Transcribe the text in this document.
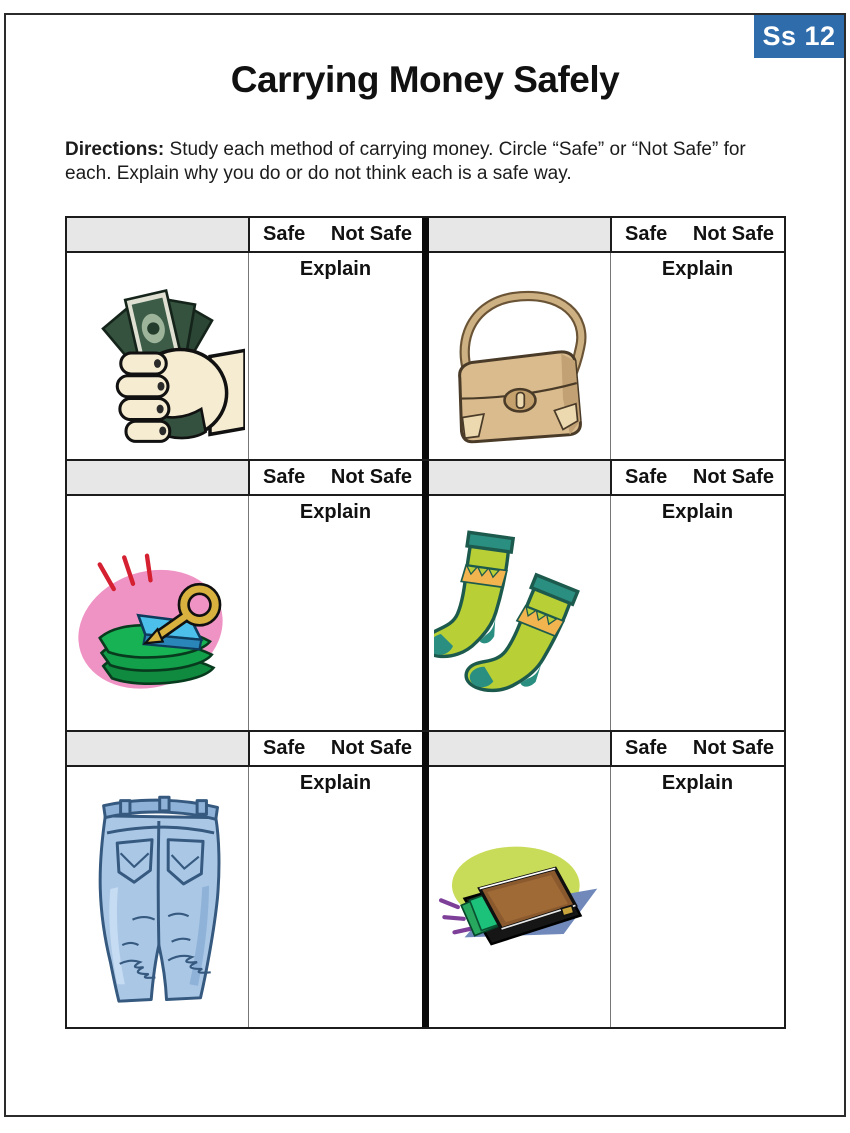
Ss 12
Carrying Money Safely

Directions: Study each method of carrying money. Circle “Safe” or “Not Safe” for each. Explain why you do or do not think each is a safe way.

Safe Not Safe
Explain
Safe Not Safe
Explain
Safe Not Safe
Explain
Safe Not Safe
Explain
Safe Not Safe
Explain
Safe Not Safe
Explain
